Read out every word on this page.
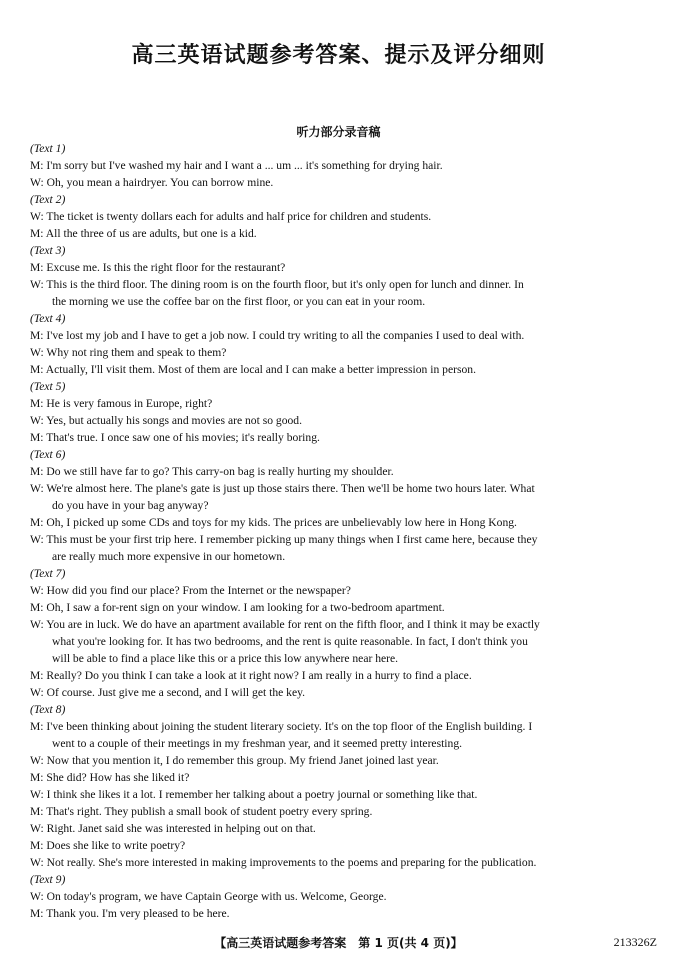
高三英语试题参考答案、提示及评分细则
听力部分录音稿
(Text 1)
M: I'm sorry but I've washed my hair and I want a ... um ... it's something for drying hair.
W: Oh, you mean a hairdryer. You can borrow mine.
(Text 2)
W: The ticket is twenty dollars each for adults and half price for children and students.
M: All the three of us are adults, but one is a kid.
(Text 3)
M: Excuse me. Is this the right floor for the restaurant?
W: This is the third floor. The dining room is on the fourth floor, but it's only open for lunch and dinner. In
the morning we use the coffee bar on the first floor, or you can eat in your room.
(Text 4)
M: I've lost my job and I have to get a job now. I could try writing to all the companies I used to deal with.
W: Why not ring them and speak to them?
M: Actually, I'll visit them. Most of them are local and I can make a better impression in person.
(Text 5)
M: He is very famous in Europe, right?
W: Yes, but actually his songs and movies are not so good.
M: That's true. I once saw one of his movies; it's really boring.
(Text 6)
M: Do we still have far to go? This carry-on bag is really hurting my shoulder.
W: We're almost here. The plane's gate is just up those stairs there. Then we'll be home two hours later. What
do you have in your bag anyway?
M: Oh, I picked up some CDs and toys for my kids. The prices are unbelievably low here in Hong Kong.
W: This must be your first trip here. I remember picking up many things when I first came here, because they
are really much more expensive in our hometown.
(Text 7)
W: How did you find our place? From the Internet or the newspaper?
M: Oh, I saw a for-rent sign on your window. I am looking for a two-bedroom apartment.
W: You are in luck. We do have an apartment available for rent on the fifth floor, and I think it may be exactly
what you're looking for. It has two bedrooms, and the rent is quite reasonable. In fact, I don't think you
will be able to find a place like this or a price this low anywhere near here.
M: Really? Do you think I can take a look at it right now? I am really in a hurry to find a place.
W: Of course. Just give me a second, and I will get the key.
(Text 8)
M: I've been thinking about joining the student literary society. It's on the top floor of the English building. I
went to a couple of their meetings in my freshman year, and it seemed pretty interesting.
W: Now that you mention it, I do remember this group. My friend Janet joined last year.
M: She did? How has she liked it?
W: I think she likes it a lot. I remember her talking about a poetry journal or something like that.
M: That's right. They publish a small book of student poetry every spring.
W: Right. Janet said she was interested in helping out on that.
M: Does she like to write poetry?
W: Not really. She's more interested in making improvements to the poems and preparing for the publication.
(Text 9)
W: On today's program, we have Captain George with us. Welcome, George.
M: Thank you. I'm very pleased to be here.
【高三英语试题参考答案　第 1 页(共 4 页)】	213326Z
